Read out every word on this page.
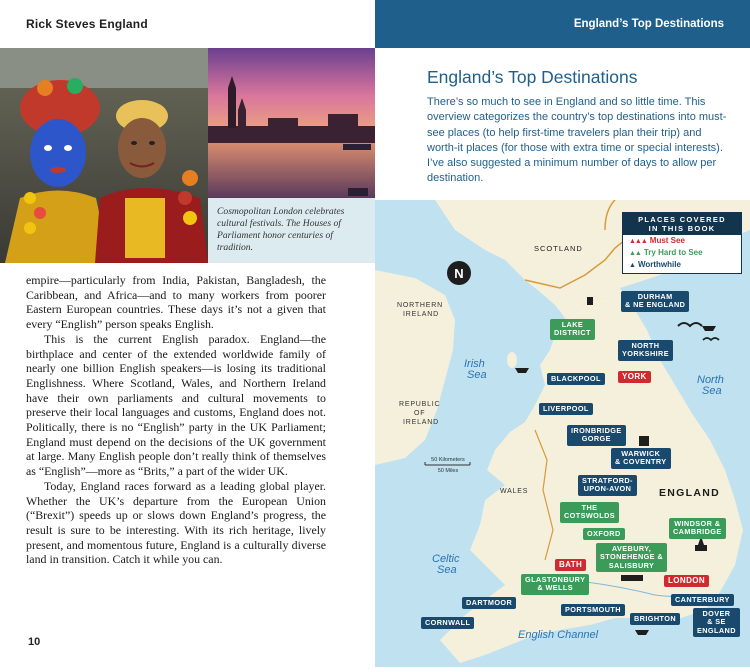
Rick Steves England

Cosmopolitan London celebrates cultural festivals. The Houses of Parliament honor centuries of tradition.

empire—particularly from India, Pakistan, Bangladesh, the Caribbean, and Africa—and to many workers from poorer Eastern European countries. These days it’s not a given that every “English” person speaks English.

This is the current English paradox. England—the birthplace and center of the extended worldwide family of nearly one billion English speakers—is losing its traditional Englishness. Where Scotland, Wales, and Northern Ireland have their own parliaments and cultural movements to preserve their local languages and customs, England does not. Politically, there is no “English” party in the UK Parliament; England must depend on the decisions of the UK government at large. Many English people don’t really think of themselves as “English”—more as “Brits,” a part of the wider UK.

Today, England races forward as a leading global player. Whether the UK’s departure from the European Union (“Brexit”) speeds up or slows down England’s progress, the result is sure to be interesting. With its rich heritage, lively present, and momentous future, England is a culturally diverse land in transition. Catch it while you can.

10
England’s Top Destinations
England’s Top Destinations

There’s so much to see in England and so little time. This overview categorizes the country’s top destinations into must-see places (to help first-time travelers plan their trip) and worth-it places (for those with extra time or special interests). I’ve also suggested a minimum number of days to allow per destination.

N
50 Kilometers
50 Miles
SCOTLAND
NORTHERN
IRELAND
REPUBLIC
OF
IRELAND
WALES	ENGLAND
Irish
Sea	North
Sea
Celtic
Sea
English Channel
DURHAM
& NE ENGLAND
LAKE
DISTRICT
NORTH
YORKSHIRE
BLACKPOOL	YORK
LIVERPOOL
IRONBRIDGE
GORGE
WARWICK
& COVENTRY
STRATFORD-
UPON-AVON
THE
COTSWOLDS
OXFORD
WINDSOR &
CAMBRIDGE
AVEBURY,
STONEHENGE &
SALISBURY
BATH
GLASTONBURY
& WELLS
LONDON
CANTERBURY
DARTMOOR
PORTSMOUTH
BRIGHTON
DOVER
& SE
ENGLAND
CORNWALL
PLACES COVERED
IN THIS BOOK
▲▲▲ Must See
▲▲ Try Hard to See
▲ Worthwhile
